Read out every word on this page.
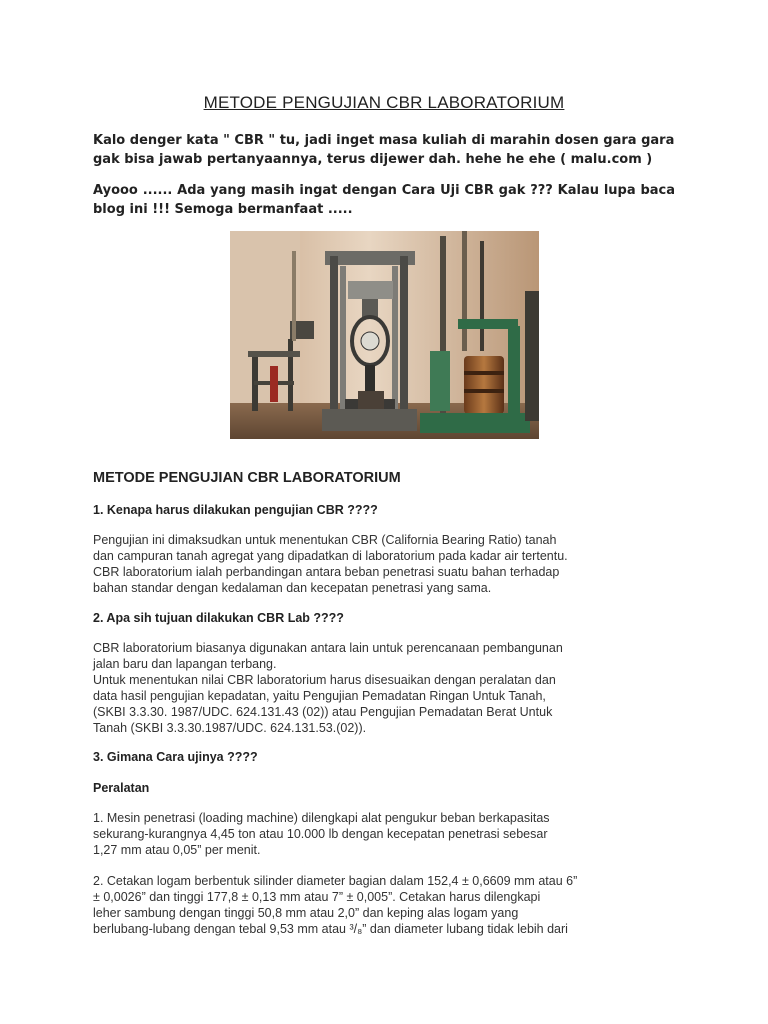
METODE PENGUJIAN CBR LABORATORIUM

Kalo denger kata " CBR " tu, jadi inget masa kuliah di marahin dosen gara gara gak bisa jawab pertanyaannya, terus dijewer dah. hehe he ehe ( malu.com )

Ayooo ...... Ada yang masih ingat dengan Cara Uji CBR gak ??? Kalau lupa baca blog ini !!! Semoga bermanfaat .....

METODE PENGUJIAN CBR LABORATORIUM
1. Kenapa harus dilakukan pengujian CBR ????

Pengujian ini dimaksudkan untuk menentukan CBR (California Bearing Ratio) tanah
dan campuran tanah agregat yang dipadatkan di laboratorium pada kadar air tertentu.
CBR laboratorium ialah perbandingan antara beban penetrasi suatu bahan terhadap
bahan standar dengan kedalaman dan kecepatan penetrasi yang sama.

2. Apa sih tujuan dilakukan CBR Lab ????

CBR laboratorium biasanya digunakan antara lain untuk perencanaan pembangunan
jalan baru dan lapangan terbang.
Untuk menentukan nilai CBR laboratorium harus disesuaikan dengan peralatan dan
data hasil pengujian kepadatan, yaitu Pengujian Pemadatan Ringan Untuk Tanah,
(SKBI 3.3.30. 1987/UDC. 624.131.43 (02)) atau Pengujian Pemadatan Berat Untuk
Tanah (SKBI 3.3.30.1987/UDC. 624.131.53.(02)).

3. Gimana Cara ujinya ????
Peralatan

1. Mesin penetrasi (loading machine) dilengkapi alat pengukur beban berkapasitas
sekurang-kurangnya 4,45 ton atau 10.000 lb dengan kecepatan penetrasi sebesar
1,27 mm atau 0,05” per menit.

2. Cetakan logam berbentuk silinder diameter bagian dalam 152,4 ± 0,6609 mm atau 6”
± 0,0026” dan tinggi 177,8 ± 0,13 mm atau 7” ± 0,005”. Cetakan harus dilengkapi
leher sambung dengan tinggi 50,8 mm atau 2,0” dan keping alas logam yang
berlubang-lubang dengan tebal 9,53 mm atau ³/₈” dan diameter lubang tidak lebih dari
